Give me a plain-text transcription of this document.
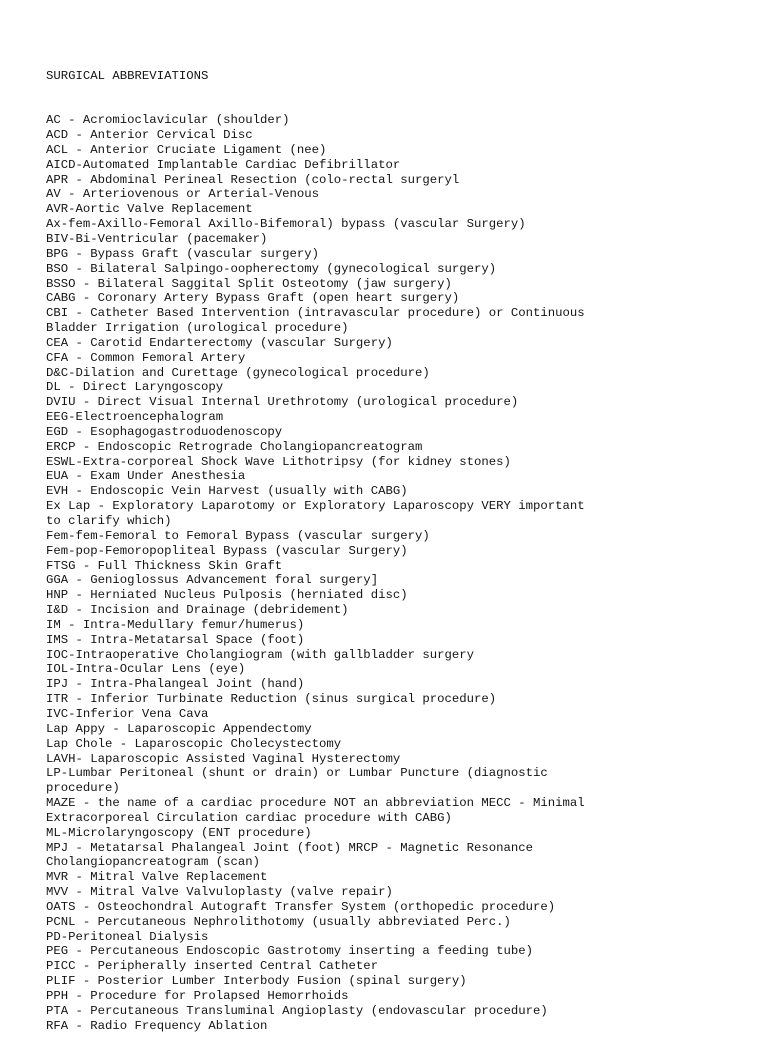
SURGICAL ABBREVIATIONS

AC - Acromioclavicular (shoulder)
ACD - Anterior Cervical Disc
ACL - Anterior Cruciate Ligament (nee)
AICD-Automated Implantable Cardiac Defibrillator
APR - Abdominal Perineal Resection (colo-rectal surgeryl
AV - Arteriovenous or Arterial-Venous
AVR-Aortic Valve Replacement
Ax-fem-Axillo-Femoral Axillo-Bifemoral) bypass (vascular Surgery)
BIV-Bi-Ventricular (pacemaker)
BPG - Bypass Graft (vascular surgery)
BSO - Bilateral Salpingo-oopherectomy (gynecological surgery)
BSSO - Bilateral Saggital Split Osteotomy (jaw surgery)
CABG - Coronary Artery Bypass Graft (open heart surgery)
CBI - Catheter Based Intervention (intravascular procedure) or Continuous
Bladder Irrigation (urological procedure)
CEA - Carotid Endarterectomy (vascular Surgery)
CFA - Common Femoral Artery
D&C-Dilation and Curettage (gynecological procedure)
DL - Direct Laryngoscopy
DVIU - Direct Visual Internal Urethrotomy (urological procedure)
EEG-Electroencephalogram
EGD - Esophagogastroduodenoscopy
ERCP - Endoscopic Retrograde Cholangiopancreatogram
ESWL-Extra-corporeal Shock Wave Lithotripsy (for kidney stones)
EUA - Exam Under Anesthesia
EVH - Endoscopic Vein Harvest (usually with CABG)
Ex Lap - Exploratory Laparotomy or Exploratory Laparoscopy VERY important
to clarify which)
Fem-fem-Femoral to Femoral Bypass (vascular surgery)
Fem-pop-Femoropopliteal Bypass (vascular Surgery)
FTSG - Full Thickness Skin Graft
GGA - Genioglossus Advancement foral surgery]
HNP - Herniated Nucleus Pulposis (herniated disc)
I&D - Incision and Drainage (debridement)
IM - Intra-Medullary femur/humerus)
IMS - Intra-Metatarsal Space (foot)
IOC-Intraoperative Cholangiogram (with gallbladder surgery
IOL-Intra-Ocular Lens (eye)
IPJ - Intra-Phalangeal Joint (hand)
ITR - Inferior Turbinate Reduction (sinus surgical procedure)
IVC-Inferior Vena Cava
Lap Appy - Laparoscopic Appendectomy
Lap Chole - Laparoscopic Cholecystectomy
LAVH- Laparoscopic Assisted Vaginal Hysterectomy
LP-Lumbar Peritoneal (shunt or drain) or Lumbar Puncture (diagnostic
procedure)
MAZE - the name of a cardiac procedure NOT an abbreviation MECC - Minimal
Extracorporeal Circulation cardiac procedure with CABG)
ML-Microlaryngoscopy (ENT procedure)
MPJ - Metatarsal Phalangeal Joint (foot) MRCP - Magnetic Resonance
Cholangiopancreatogram (scan)
MVR - Mitral Valve Replacement
MVV - Mitral Valve Valvuloplasty (valve repair)
OATS - Osteochondral Autograft Transfer System (orthopedic procedure)
PCNL - Percutaneous Nephrolithotomy (usually abbreviated Perc.)
PD-Peritoneal Dialysis
PEG - Percutaneous Endoscopic Gastrotomy inserting a feeding tube)
PICC - Peripherally inserted Central Catheter
PLIF - Posterior Lumber Interbody Fusion (spinal surgery)
PPH - Procedure for Prolapsed Hemorrhoids
PTA - Percutaneous Transluminal Angioplasty (endovascular procedure)
RFA - Radio Frequency Ablation
